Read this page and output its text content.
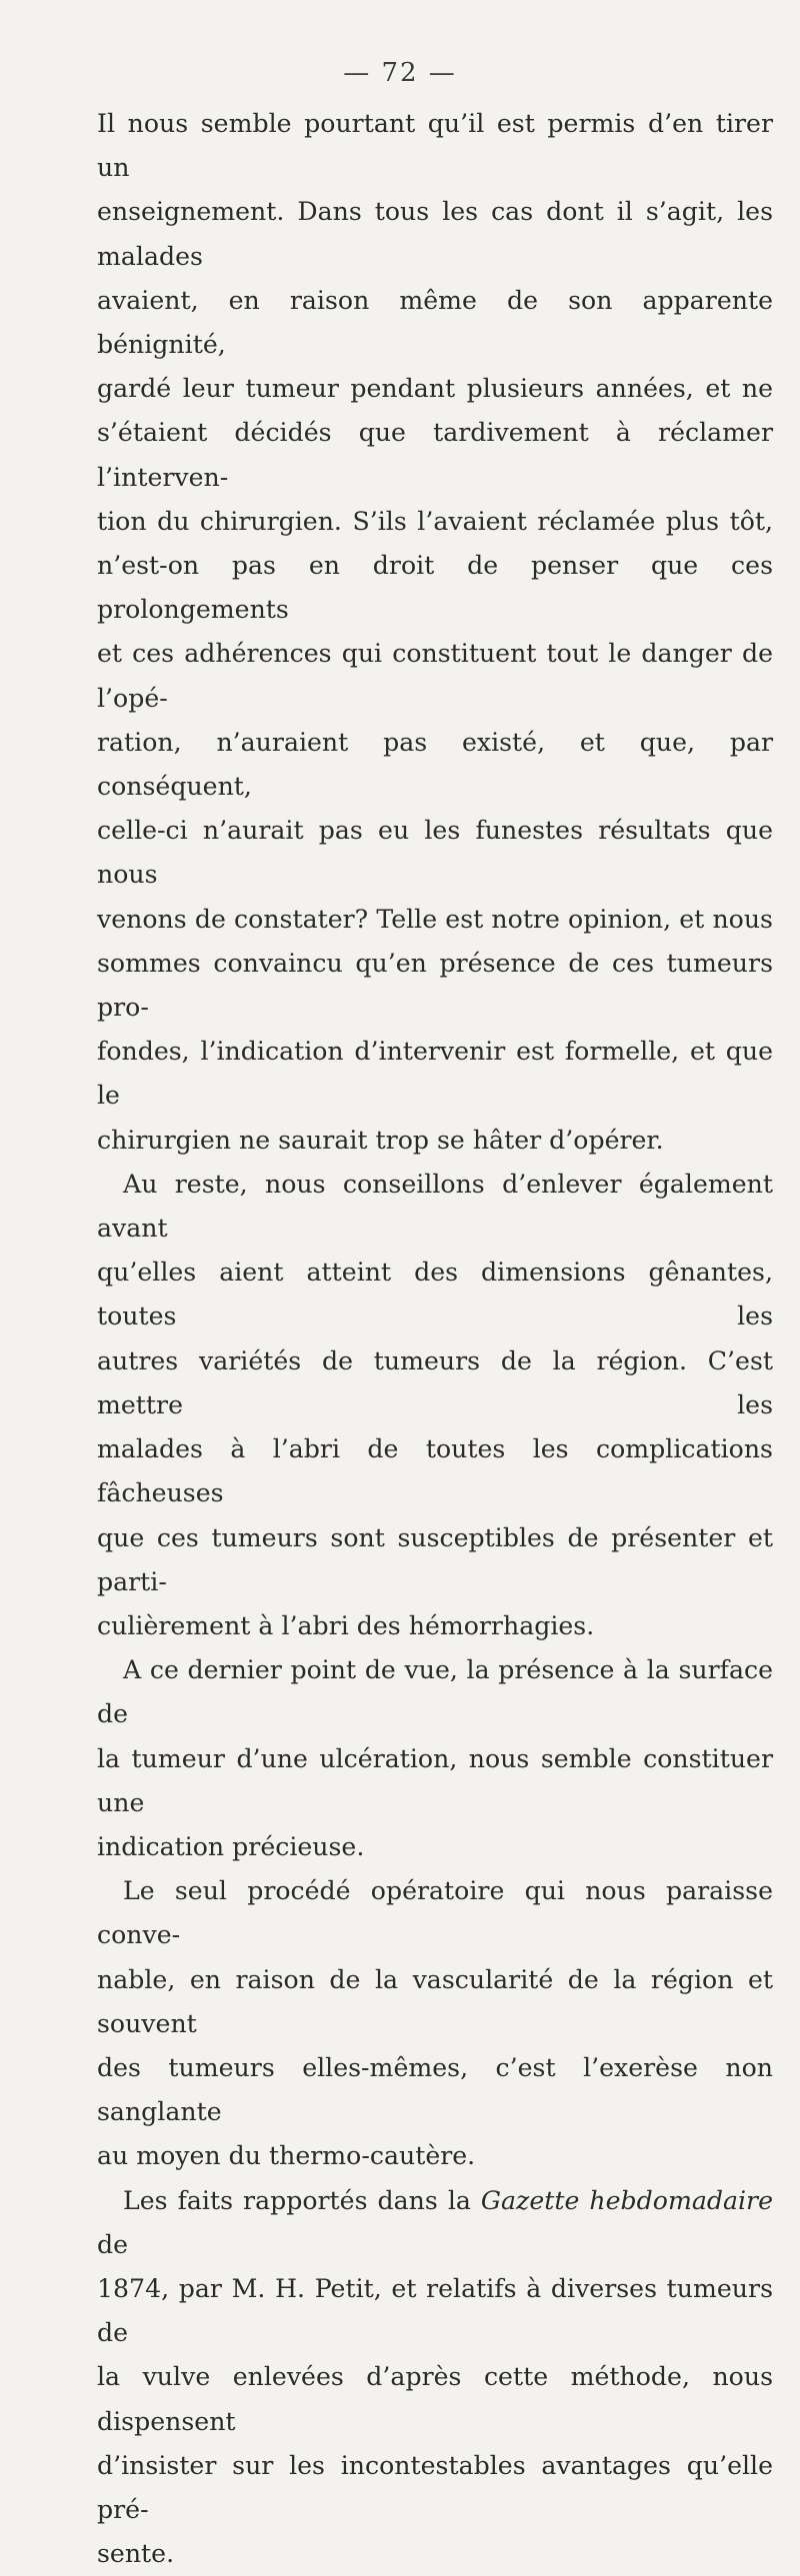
— 72 —

Il nous semble pourtant qu’il est permis d’en tirer un

enseignement. Dans tous les cas dont il s’agit, les malades

avaient, en raison même de son apparente bénignité,

gardé leur tumeur pendant plusieurs années, et ne

s’étaient décidés que tardivement à réclamer l’interven-

tion du chirurgien. S’ils l’avaient réclamée plus tôt,

n’est-on pas en droit de penser que ces prolongements

et ces adhérences qui constituent tout le danger de l’opé-

ration, n’auraient pas existé, et que, par conséquent,

celle-ci n’aurait pas eu les funestes résultats que nous

venons de constater? Telle est notre opinion, et nous

sommes convaincu qu’en présence de ces tumeurs pro-

fondes, l’indication d’intervenir est formelle, et que le

chirurgien ne saurait trop se hâter d’opérer.

Au reste, nous conseillons d’enlever également avant

qu’elles aient atteint des dimensions gênantes, toutes les

autres variétés de tumeurs de la région. C’est mettre les

malades à l’abri de toutes les complications fâcheuses

que ces tumeurs sont susceptibles de présenter et parti-

culièrement à l’abri des hémorrhagies.

A ce dernier point de vue, la présence à la surface de

la tumeur d’une ulcération, nous semble constituer une

indication précieuse.

Le seul procédé opératoire qui nous paraisse conve-

nable, en raison de la vascularité de la région et souvent

des tumeurs elles-mêmes, c’est l’exerèse non sanglante

au moyen du thermo-cautère.

Les faits rapportés dans la Gazette hebdomadaire de

1874, par M. H. Petit, et relatifs à diverses tumeurs de

la vulve enlevées d’après cette méthode, nous dispensent

d’insister sur les incontestables avantages qu’elle pré-

sente.
